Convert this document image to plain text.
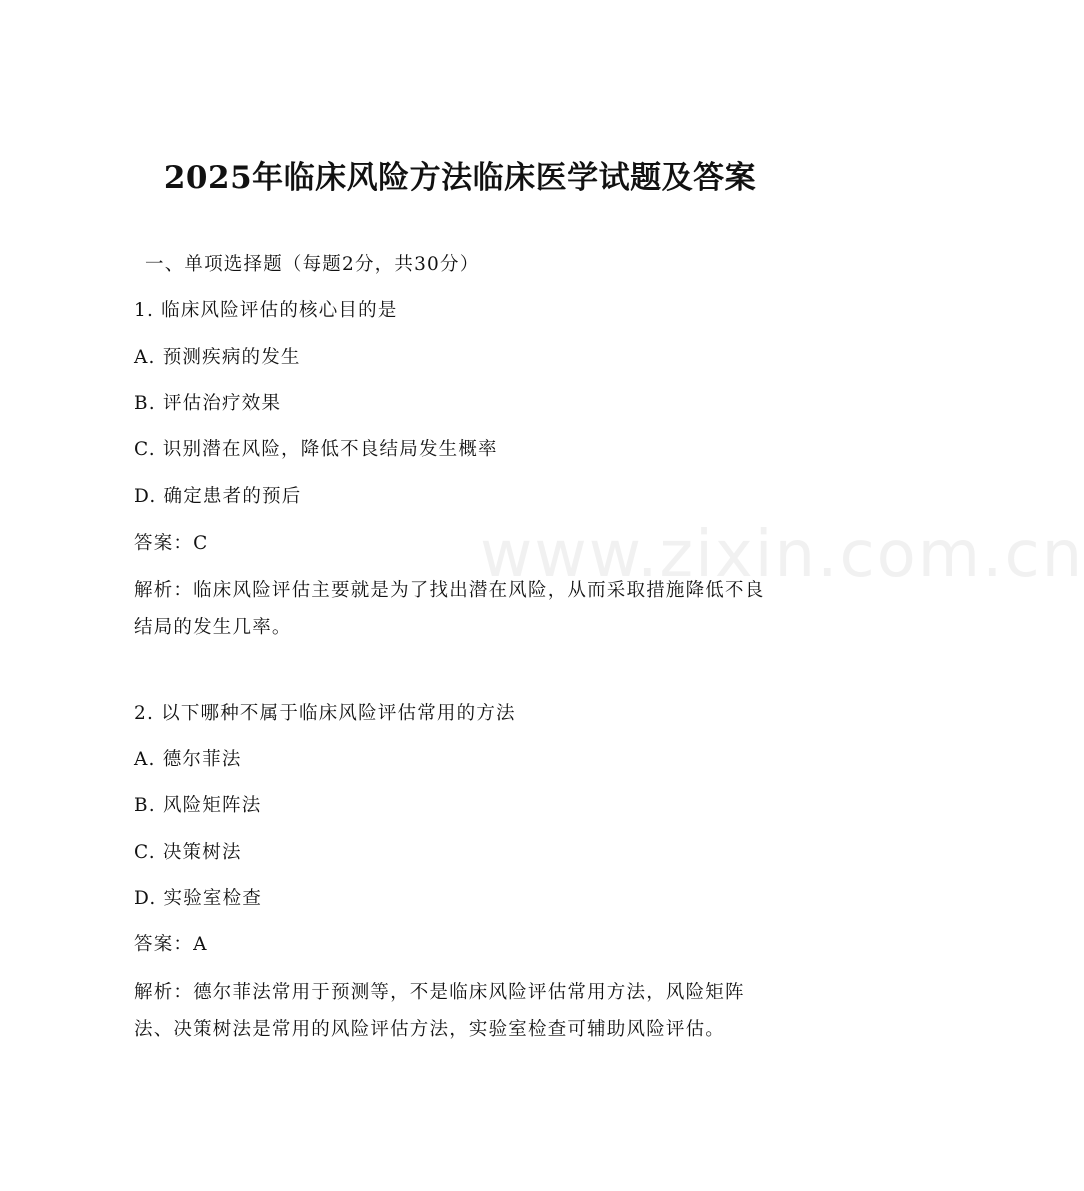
www.zixin.com.cn
2025年临床风险方法临床医学试题及答案
一、单项选择题（每题2分，共30分）
1. 临床风险评估的核心目的是
A. 预测疾病的发生
B. 评估治疗效果
C. 识别潜在风险，降低不良结局发生概率
D. 确定患者的预后
答案：C
解析：临床风险评估主要就是为了找出潜在风险，从而采取措施降低不良结局的发生几率。
2. 以下哪种不属于临床风险评估常用的方法
A. 德尔菲法
B. 风险矩阵法
C. 决策树法
D. 实验室检查
答案：A
解析：德尔菲法常用于预测等，不是临床风险评估常用方法，风险矩阵法、决策树法是常用的风险评估方法，实验室检查可辅助风险评估。
